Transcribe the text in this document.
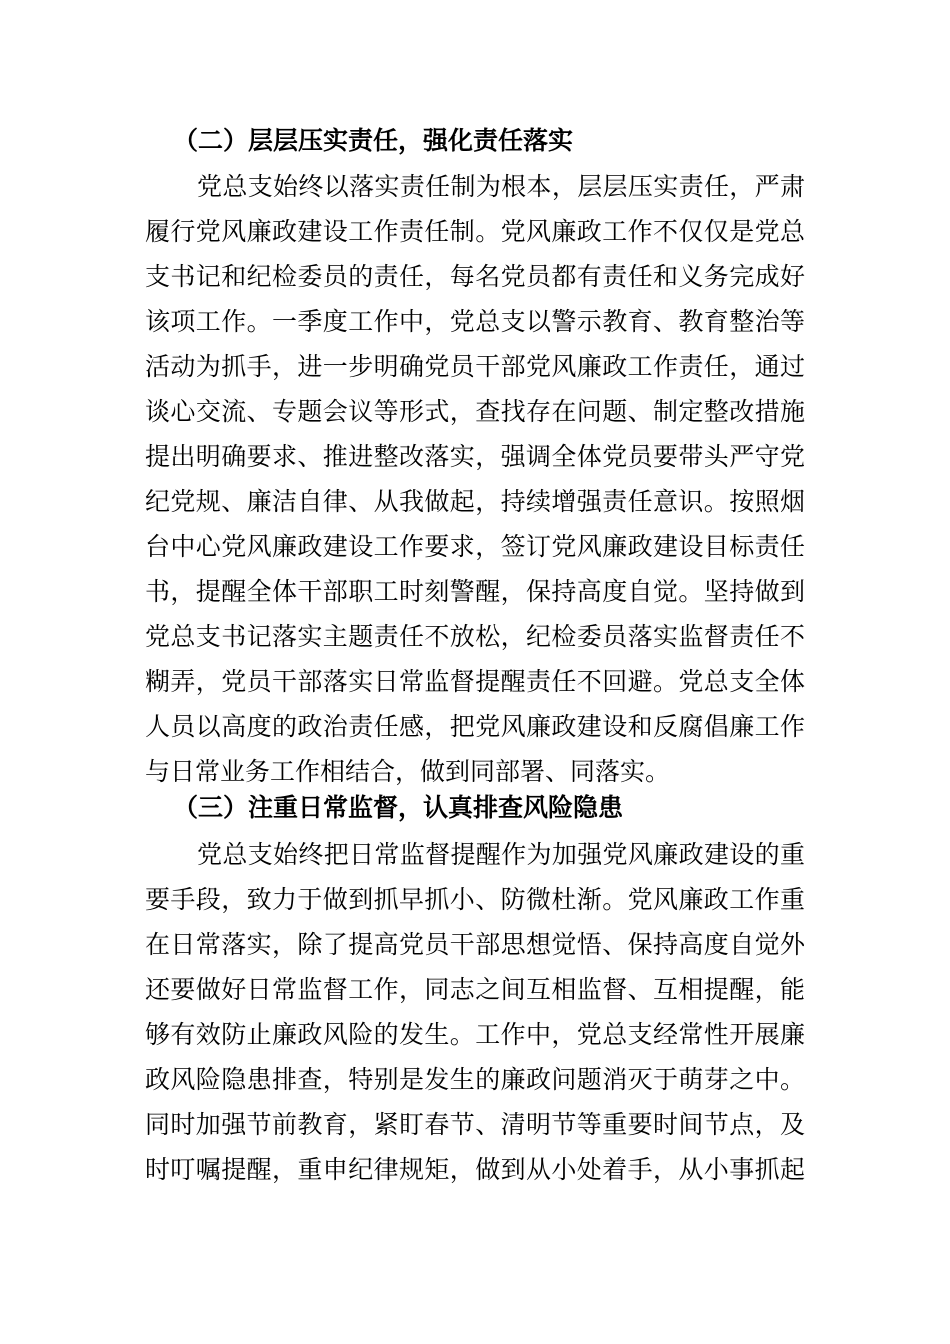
（二）层层压实责任，强化责任落实
党总支始终以落实责任制为根本，层层压实责任，严肃
履行党风廉政建设工作责任制。党风廉政工作不仅仅是党总
支书记和纪检委员的责任，每名党员都有责任和义务完成好
该项工作。一季度工作中，党总支以警示教育、教育整治等
活动为抓手，进一步明确党员干部党风廉政工作责任，通过
谈心交流、专题会议等形式，查找存在问题、制定整改措施
提出明确要求、推进整改落实，强调全体党员要带头严守党
纪党规、廉洁自律、从我做起，持续增强责任意识。按照烟
台中心党风廉政建设工作要求，签订党风廉政建设目标责任
书，提醒全体干部职工时刻警醒，保持高度自觉。坚持做到
党总支书记落实主题责任不放松，纪检委员落实监督责任不
糊弄，党员干部落实日常监督提醒责任不回避。党总支全体
人员以高度的政治责任感，把党风廉政建设和反腐倡廉工作
与日常业务工作相结合，做到同部署、同落实。
（三）注重日常监督，认真排查风险隐患
党总支始终把日常监督提醒作为加强党风廉政建设的重
要手段，致力于做到抓早抓小、防微杜渐。党风廉政工作重
在日常落实，除了提高党员干部思想觉悟、保持高度自觉外
还要做好日常监督工作，同志之间互相监督、互相提醒，能
够有效防止廉政风险的发生。工作中，党总支经常性开展廉
政风险隐患排查，特别是发生的廉政问题消灭于萌芽之中。
同时加强节前教育，紧盯春节、清明节等重要时间节点，及
时叮嘱提醒，重申纪律规矩，做到从小处着手，从小事抓起
